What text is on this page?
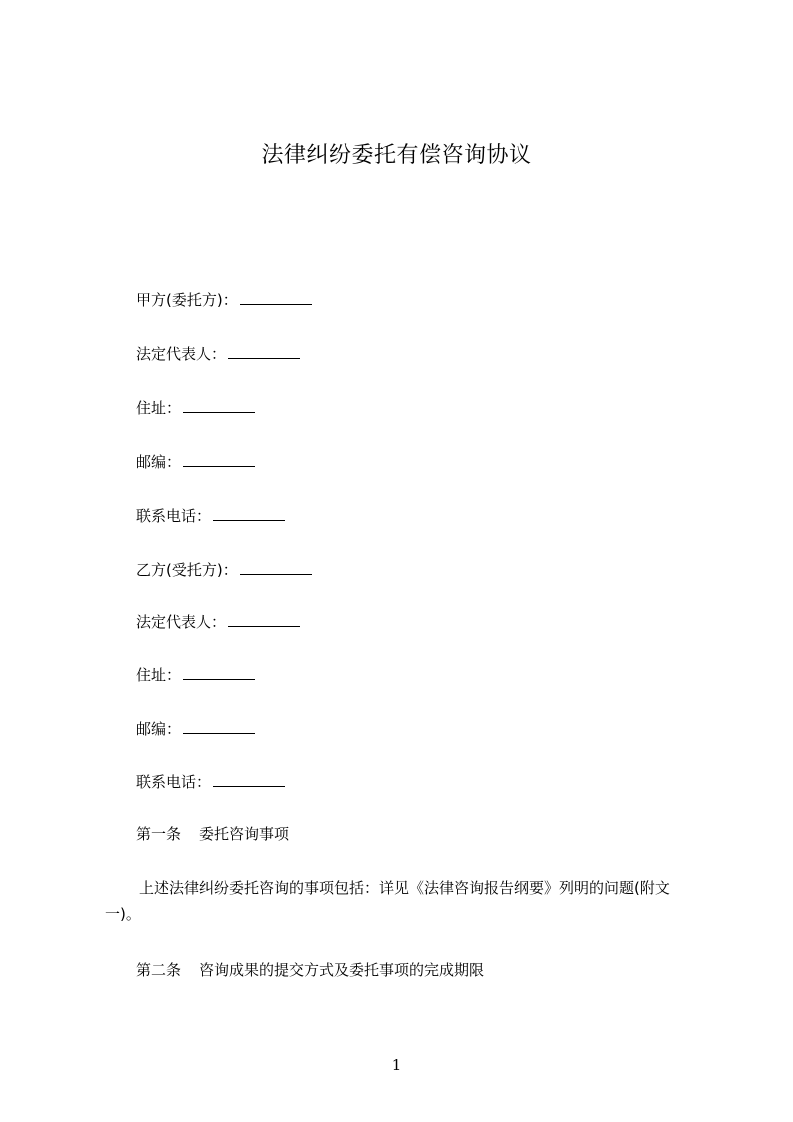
法律纠纷委托有偿咨询协议
甲方(委托方)：
法定代表人：
住址：
邮编：
联系电话：
乙方(受托方)：
法定代表人：
住址：
邮编：
联系电话：
第一条 委托咨询事项
上述法律纠纷委托咨询的事项包括：详见《法律咨询报告纲要》列明的问题(附文一)。
第二条 咨询成果的提交方式及委托事项的完成期限
1
